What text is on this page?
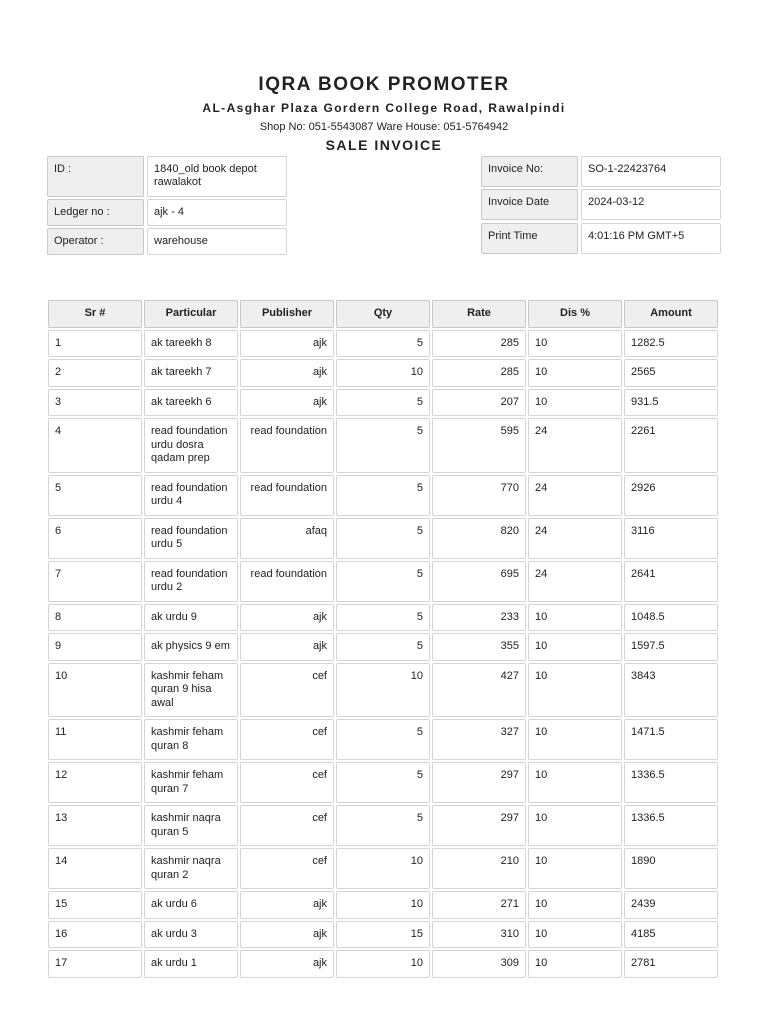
IQRA BOOK PROMOTER
AL-Asghar Plaza Gordern College Road, Rawalpindi
Shop No: 051-5543087 Ware House: 051-5764942
SALE INVOICE
ID :	1840_old book depot rawalakot
Ledger no :	ajk - 4
Operator :	warehouse
Invoice No:	SO-1-22423764
Invoice Date	2024-03-12
Print Time	4:01:16 PM GMT+5
Sr #	Particular	Publisher	Qty	Rate	Dis %	Amount
1	ak tareekh 8	ajk	5	285	10	1282.5
2	ak tareekh 7	ajk	10	285	10	2565
3	ak tareekh 6	ajk	5	207	10	931.5
4	read foundation urdu dosra qadam prep	read foundation	5	595	24	2261
5	read foundation urdu 4	read foundation	5	770	24	2926
6	read foundation urdu 5	afaq	5	820	24	3116
7	read foundation urdu 2	read foundation	5	695	24	2641
8	ak urdu 9	ajk	5	233	10	1048.5
9	ak physics 9 em	ajk	5	355	10	1597.5
10	kashmir feham quran 9 hisa awal	cef	10	427	10	3843
11	kashmir feham quran 8	cef	5	327	10	1471.5
12	kashmir feham quran 7	cef	5	297	10	1336.5
13	kashmir naqra quran 5	cef	5	297	10	1336.5
14	kashmir naqra quran 2	cef	10	210	10	1890
15	ak urdu 6	ajk	10	271	10	2439
16	ak urdu 3	ajk	15	310	10	4185
17	ak urdu 1	ajk	10	309	10	2781
